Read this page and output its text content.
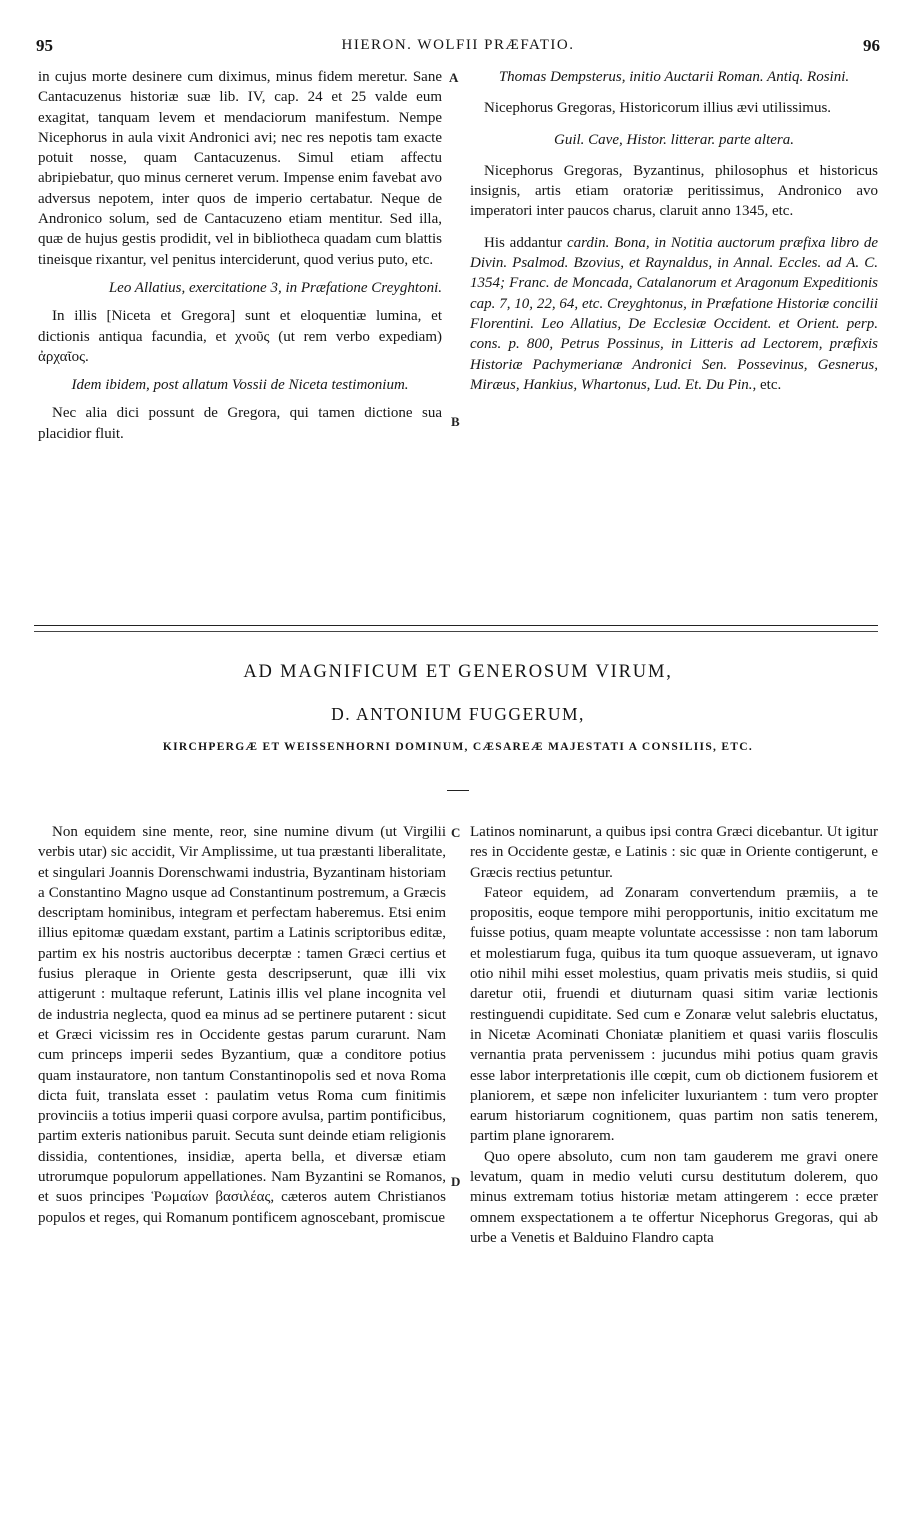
95	HIERON. WOLFII PRÆFATIO.	96
A
B
C
D

in cujus morte desinere cum diximus, minus fidem meretur. Sane Cantacuzenus historiæ suæ lib. IV, cap. 24 et 25 valde eum exagitat, tanquam levem et mendaciorum manifestum. Nempe Nicephorus in aula vixit Andronici avi; nec res nepotis tam exacte potuit nosse, quam Cantacuzenus. Simul etiam affectu abripiebatur, quo minus cerneret verum. Impense enim favebat avo adversus nepotem, inter quos de imperio certabatur. Neque de Andronico solum, sed de Cantacuzeno etiam mentitur. Sed illa, quæ de hujus gestis prodidit, vel in bibliotheca quadam cum blattis tineisque rixantur, vel penitus interciderunt, quod verius puto, etc.

Leo Allatius, exercitatione 3, in Præfatione Creyghtoni.

In illis [Niceta et Gregora] sunt et eloquentiæ lumina, et dictionis antiqua facundia, et χνοῦς (ut rem verbo expediam) ἀρχαῖος.

Idem ibidem, post allatum Vossii de Niceta testimonium.

Nec alia dici possunt de Gregora, qui tamen dictione sua placidior fluit.

Thomas Dempsterus, initio Auctarii Roman. Antiq. Rosini.

Nicephorus Gregoras, Historicorum illius ævi utilissimus.

Guil. Cave, Histor. litterar. parte altera.

Nicephorus Gregoras, Byzantinus, philosophus et historicus insignis, artis etiam oratoriæ peritissimus, Andronico avo imperatori inter paucos charus, claruit anno 1345, etc.

His addantur cardin. Bona, in Notitia auctorum præfixa libro de Divin. Psalmod. Bzovius, et Raynaldus, in Annal. Eccles. ad A. C. 1354; Franc. de Moncada, Catalanorum et Aragonum Expeditionis cap. 7, 10, 22, 64, etc. Creyghtonus, in Præfatione Historiæ concilii Florentini. Leo Allatius, De Ecclesiæ Occident. et Orient. perp. cons. p. 800, Petrus Possinus, in Litteris ad Lectorem, præfixis Historiæ Pachymerianæ Andronici Sen. Possevinus, Gesnerus, Miræus, Hankius, Whartonus, Lud. Et. Du Pin., etc.

AD MAGNIFICUM ET GENEROSUM VIRUM,
D. ANTONIUM FUGGERUM,
KIRCHPERGÆ ET WEISSENHORNI DOMINUM, CÆSAREÆ MAJESTATI A CONSILIIS, ETC.

Non equidem sine mente, reor, sine numine divum (ut Virgilii verbis utar) sic accidit, Vir Amplissime, ut tua præstanti liberalitate, et singulari Joannis Dorenschwami industria, Byzantinam historiam a Constantino Magno usque ad Constantinum postremum, a Græcis descriptam hominibus, integram et perfectam haberemus. Etsi enim illius epitomæ quædam exstant, partim a Latinis scriptoribus editæ, partim ex his nostris auctoribus decerptæ : tamen Græci certius et fusius pleraque in Oriente gesta descripserunt, quæ illi vix attigerunt : multaque referunt, Latinis illis vel plane incognita vel de industria neglecta, quod ea minus ad se pertinere putarent : sicut et Græci vicissim res in Occidente gestas parum curarunt. Nam cum princeps imperii sedes Byzantium, quæ a conditore potius quam instauratore, non tantum Constantinopolis sed et nova Roma dicta fuit, translata esset : paulatim vetus Roma cum finitimis provinciis a totius imperii quasi corpore avulsa, partim pontificibus, partim exteris nationibus paruit. Secuta sunt deinde etiam religionis dissidia, contentiones, insidiæ, aperta bella, et diversæ etiam utrorumque populorum appellationes. Nam Byzantini se Romanos, et suos principes Ῥωμαίων βασιλέας, cæteros autem Christianos populos et reges, qui Romanum pontificem agnoscebant, promiscue

Latinos nominarunt, a quibus ipsi contra Græci dicebantur. Ut igitur res in Occidente gestæ, e Latinis : sic quæ in Oriente contigerunt, e Græcis rectius petuntur.

Fateor equidem, ad Zonaram convertendum præmiis, a te propositis, eoque tempore mihi peropportunis, initio excitatum me fuisse potius, quam meapte voluntate accessisse : non tam laborum et molestiarum fuga, quibus ita tum quoque assueveram, ut ignavo otio nihil mihi esset molestius, quam privatis meis studiis, si quid daretur otii, fruendi et diuturnam quasi sitim variæ lectionis restinguendi cupiditate. Sed cum e Zonaræ velut salebris eluctatus, in Nicetæ Acominati Choniatæ planitiem et quasi variis flosculis vernantia prata pervenissem : jucundus mihi potius quam gravis esse labor interpretationis ille cœpit, cum ob dictionem fusiorem et planiorem, et sæpe non infeliciter luxuriantem : tum vero propter earum historiarum cognitionem, quas partim non satis tenerem, partim plane ignorarem.

Quo opere absoluto, cum non tam gauderem me gravi onere levatum, quam in medio veluti cursu destitutum dolerem, quo minus extremam totius historiæ metam attingerem : ecce præter omnem exspectationem a te offertur Nicephorus Gregoras, qui ab urbe a Venetis et Balduino Flandro capta
